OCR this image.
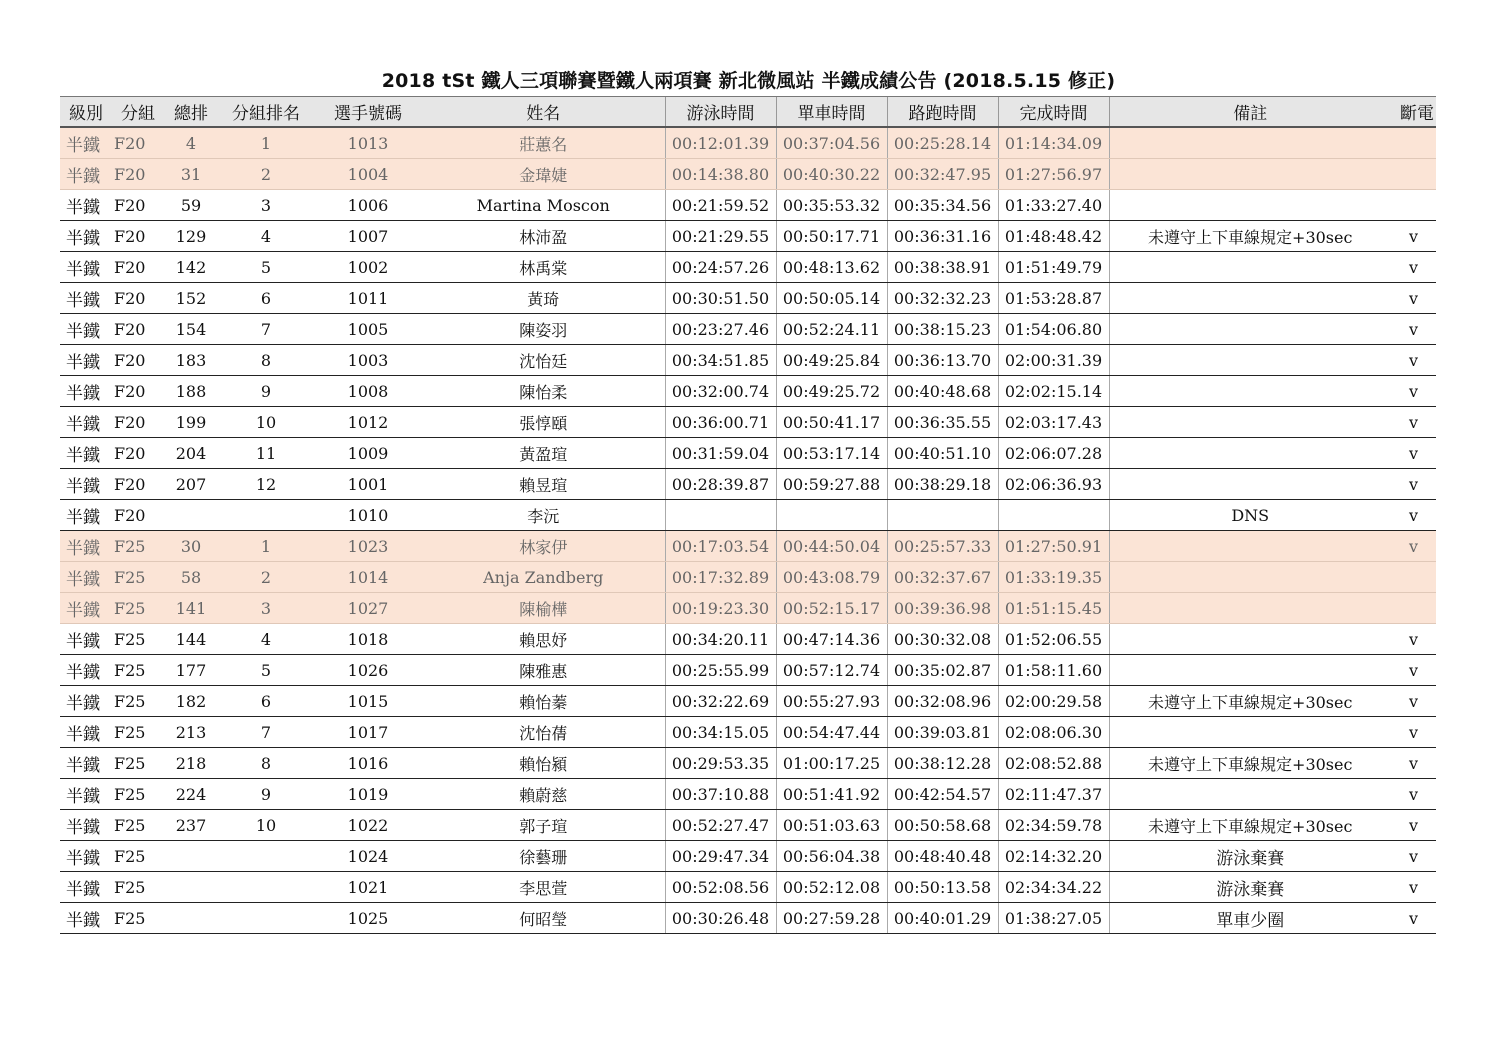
2018 tSt 鐵人三項聯賽暨鐵人兩項賽 新北微風站 半鐵成績公告 (2018.5.15 修正)
級別	分組	總排	分組排名	選手號碼	姓名	游泳時間	單車時間	路跑時間	完成時間	備註	斷電
半鐵	F20	4	1	1013	莊蕙名	00:12:01.39	00:37:04.56	00:25:28.14	01:14:34.09		
半鐵	F20	31	2	1004	金瑋婕	00:14:38.80	00:40:30.22	00:32:47.95	01:27:56.97		
半鐵	F20	59	3	1006	Martina Moscon	00:21:59.52	00:35:53.32	00:35:34.56	01:33:27.40		
半鐵	F20	129	4	1007	林沛盈	00:21:29.55	00:50:17.71	00:36:31.16	01:48:48.42	未遵守上下車線規定+30sec	v
半鐵	F20	142	5	1002	林禹棠	00:24:57.26	00:48:13.62	00:38:38.91	01:51:49.79		v
半鐵	F20	152	6	1011	黃琦	00:30:51.50	00:50:05.14	00:32:32.23	01:53:28.87		v
半鐵	F20	154	7	1005	陳姿羽	00:23:27.46	00:52:24.11	00:38:15.23	01:54:06.80		v
半鐵	F20	183	8	1003	沈怡廷	00:34:51.85	00:49:25.84	00:36:13.70	02:00:31.39		v
半鐵	F20	188	9	1008	陳怡柔	00:32:00.74	00:49:25.72	00:40:48.68	02:02:15.14		v
半鐵	F20	199	10	1012	張惇頤	00:36:00.71	00:50:41.17	00:36:35.55	02:03:17.43		v
半鐵	F20	204	11	1009	黃盈瑄	00:31:59.04	00:53:17.14	00:40:51.10	02:06:07.28		v
半鐵	F20	207	12	1001	賴昱瑄	00:28:39.87	00:59:27.88	00:38:29.18	02:06:36.93		v
半鐵	F20			1010	李沅					DNS	v
半鐵	F25	30	1	1023	林家伊	00:17:03.54	00:44:50.04	00:25:57.33	01:27:50.91		v
半鐵	F25	58	2	1014	Anja Zandberg	00:17:32.89	00:43:08.79	00:32:37.67	01:33:19.35		
半鐵	F25	141	3	1027	陳榆樺	00:19:23.30	00:52:15.17	00:39:36.98	01:51:15.45		
半鐵	F25	144	4	1018	賴思妤	00:34:20.11	00:47:14.36	00:30:32.08	01:52:06.55		v
半鐵	F25	177	5	1026	陳雅惠	00:25:55.99	00:57:12.74	00:35:02.87	01:58:11.60		v
半鐵	F25	182	6	1015	賴怡蓁	00:32:22.69	00:55:27.93	00:32:08.96	02:00:29.58	未遵守上下車線規定+30sec	v
半鐵	F25	213	7	1017	沈怡蒨	00:34:15.05	00:54:47.44	00:39:03.81	02:08:06.30		v
半鐵	F25	218	8	1016	賴怡潁	00:29:53.35	01:00:17.25	00:38:12.28	02:08:52.88	未遵守上下車線規定+30sec	v
半鐵	F25	224	9	1019	賴蔚慈	00:37:10.88	00:51:41.92	00:42:54.57	02:11:47.37		v
半鐵	F25	237	10	1022	郭子瑄	00:52:27.47	00:51:03.63	00:50:58.68	02:34:59.78	未遵守上下車線規定+30sec	v
半鐵	F25			1024	徐藝珊	00:29:47.34	00:56:04.38	00:48:40.48	02:14:32.20	游泳棄賽	v
半鐵	F25			1021	李思萱	00:52:08.56	00:52:12.08	00:50:13.58	02:34:34.22	游泳棄賽	v
半鐵	F25			1025	何昭瑩	00:30:26.48	00:27:59.28	00:40:01.29	01:38:27.05	單車少圈	v
